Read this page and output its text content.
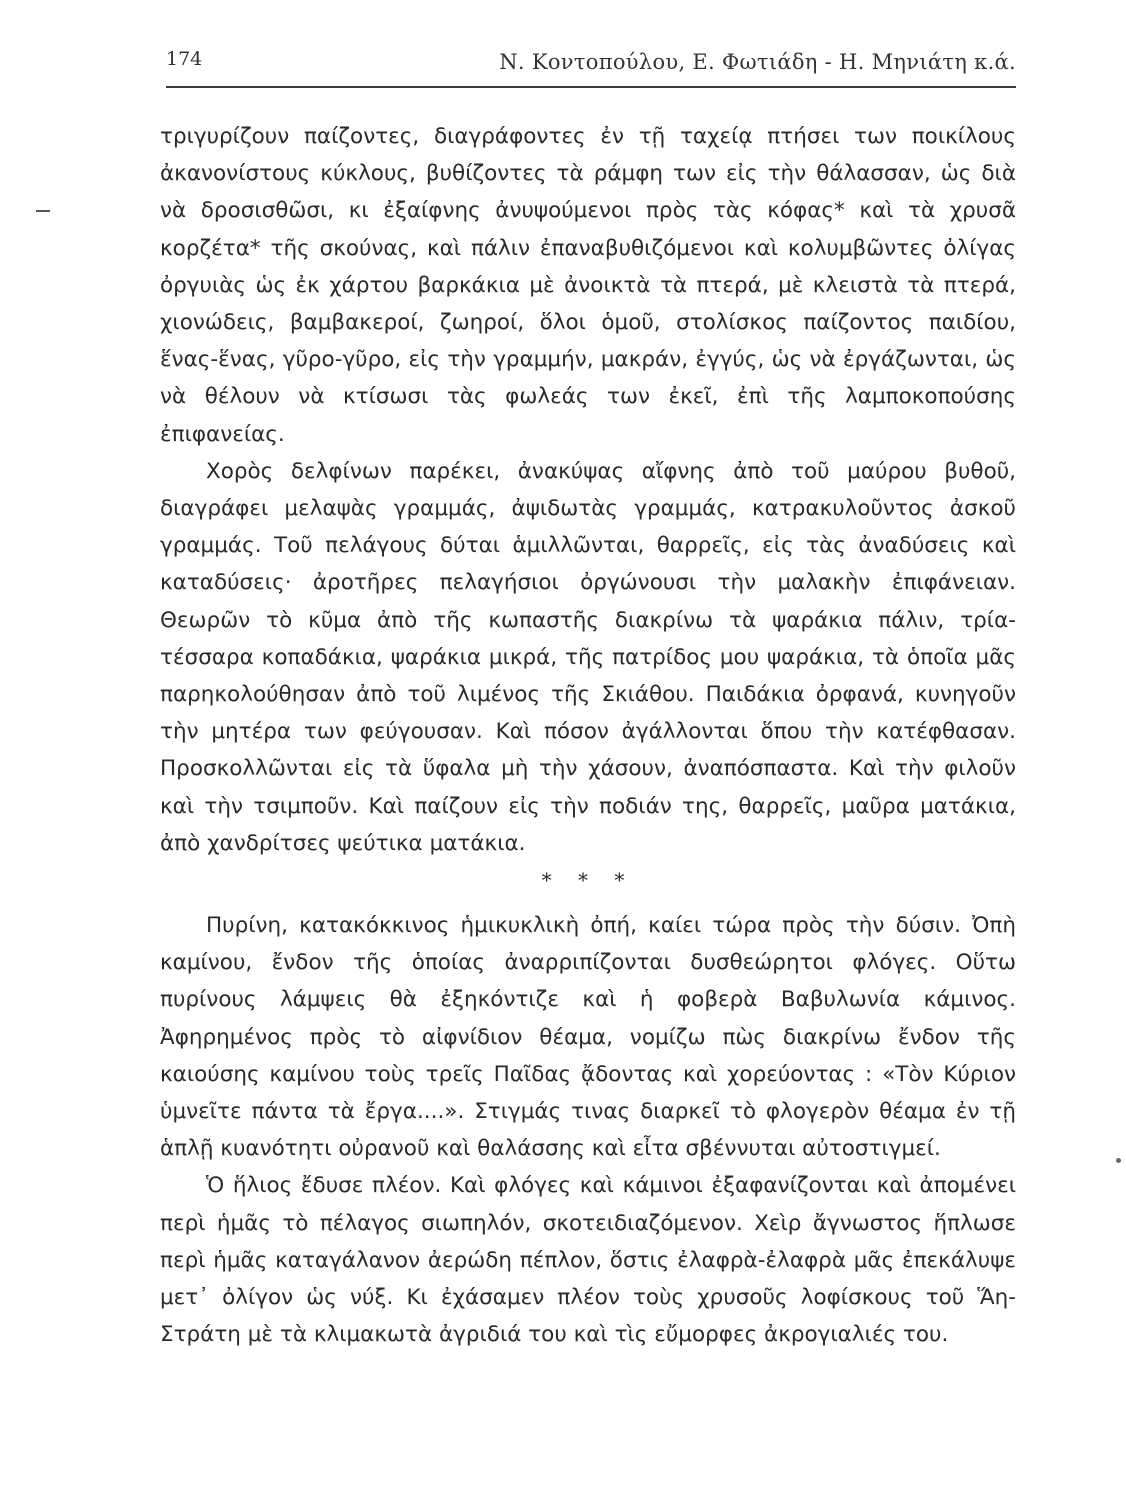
174	Ν. Κοντοπούλου, Ε. Φωτιάδη - Η. Μηνιάτη κ.ά.

τριγυρίζουν παίζοντες, διαγράφοντες ἐν τῇ ταχείᾳ πτήσει των ποικίλους ἀκανονίστους κύκλους, βυθίζοντες τὰ ράμφη των εἰς τὴν θάλασσαν, ὡς διὰ νὰ δροσισθῶσι, κι ἐξαίφνης ἀνυψούμενοι πρὸς τὰς κόφας* καὶ τὰ χρυσᾶ κορζέτα* τῆς σκούνας, καὶ πάλιν ἐπαναβυθιζόμενοι καὶ κολυμβῶντες ὀλίγας ὀργυιὰς ὡς ἐκ χάρτου βαρκάκια μὲ ἀνοικτὰ τὰ πτερά, μὲ κλειστὰ τὰ πτερά, χιονώδεις, βαμβακεροί, ζωηροί, ὅλοι ὁμοῦ, στολίσκος παίζοντος παιδίου, ἕνας-ἕνας, γῦρο-γῦρο, εἰς τὴν γραμμήν, μακράν, ἐγγύς, ὡς νὰ ἐργάζωνται, ὡς νὰ θέλουν νὰ κτίσωσι τὰς φωλεάς των ἐκεῖ, ἐπὶ τῆς λαμποκοπούσης ἐπιφανείας.

Χορὸς δελφίνων παρέκει, ἀνακύψας αἴφνης ἀπὸ τοῦ μαύρου βυθοῦ, διαγράφει μελαψὰς γραμμάς, ἀψιδωτὰς γραμμάς, κατρακυλοῦντος ἀσκοῦ γραμμάς. Τοῦ πελάγους δύται ἁμιλλῶνται, θαρρεῖς, εἰς τὰς ἀναδύσεις καὶ καταδύσεις· ἀροτῆρες πελαγήσιοι ὀργώνουσι τὴν μαλακὴν ἐπιφάνειαν. Θεωρῶν τὸ κῦμα ἀπὸ τῆς κωπαστῆς διακρίνω τὰ ψαράκια πάλιν, τρία-τέσσαρα κοπαδάκια, ψαράκια μικρά, τῆς πατρίδος μου ψαράκια, τὰ ὁποῖα μᾶς παρηκολούθησαν ἀπὸ τοῦ λιμένος τῆς Σκιάθου. Παιδάκια ὀρφανά, κυνηγοῦν τὴν μητέρα των φεύγουσαν. Καὶ πόσον ἀγάλλονται ὅπου τὴν κατέφθασαν. Προσκολλῶνται εἰς τὰ ὕφαλα μὴ τὴν χάσουν, ἀναπόσπαστα. Καὶ τὴν φιλοῦν καὶ τὴν τσιμποῦν. Καὶ παίζουν εἰς τὴν ποδιάν της, θαρρεῖς, μαῦρα ματάκια, ἀπὸ χανδρίτσες ψεύτικα ματάκια.

* * *

Πυρίνη, κατακόκκινος ἡμικυκλικὴ ὀπή, καίει τώρα πρὸς τὴν δύσιν. Ὀπὴ καμίνου, ἔνδον τῆς ὁποίας ἀναρριπίζονται δυσθεώρητοι φλόγες. Οὕτω πυρίνους λάμψεις θὰ ἐξηκόντιζε καὶ ἡ φοβερὰ Βαβυλωνία κάμινος. Ἀφηρημένος πρὸς τὸ αἰφνίδιον θέαμα, νομίζω πὼς διακρίνω ἔνδον τῆς καιούσης καμίνου τοὺς τρεῖς Παῖδας ᾄδοντας καὶ χορεύοντας : «Τὸν Κύριον ὑμνεῖτε πάντα τὰ ἔργα....». Στιγμάς τινας διαρκεῖ τὸ φλογερὸν θέαμα ἐν τῇ ἁπλῇ κυανότητι οὐρανοῦ καὶ θαλάσσης καὶ εἶτα σβέννυται αὐτοστιγμεί.

Ὁ ἥλιος ἔδυσε πλέον. Καὶ φλόγες καὶ κάμινοι ἐξαφανίζονται καὶ ἀπομένει περὶ ἡμᾶς τὸ πέλαγος σιωπηλόν, σκοτειδιαζόμενον. Χεὶρ ἄγνωστος ἥπλωσε περὶ ἡμᾶς καταγάλανον ἀερώδη πέπλον, ὅστις ἐλαφρὰ-ἐλαφρὰ μᾶς ἐπεκάλυψε μετ᾽ ὀλίγον ὡς νύξ. Κι ἐχάσαμεν πλέον τοὺς χρυσοῦς λοφίσκους τοῦ Ἅη-Στράτη μὲ τὰ κλιμακωτὰ ἀγριδιά του καὶ τὶς εὔμορφες ἀκρογιαλιές του.
